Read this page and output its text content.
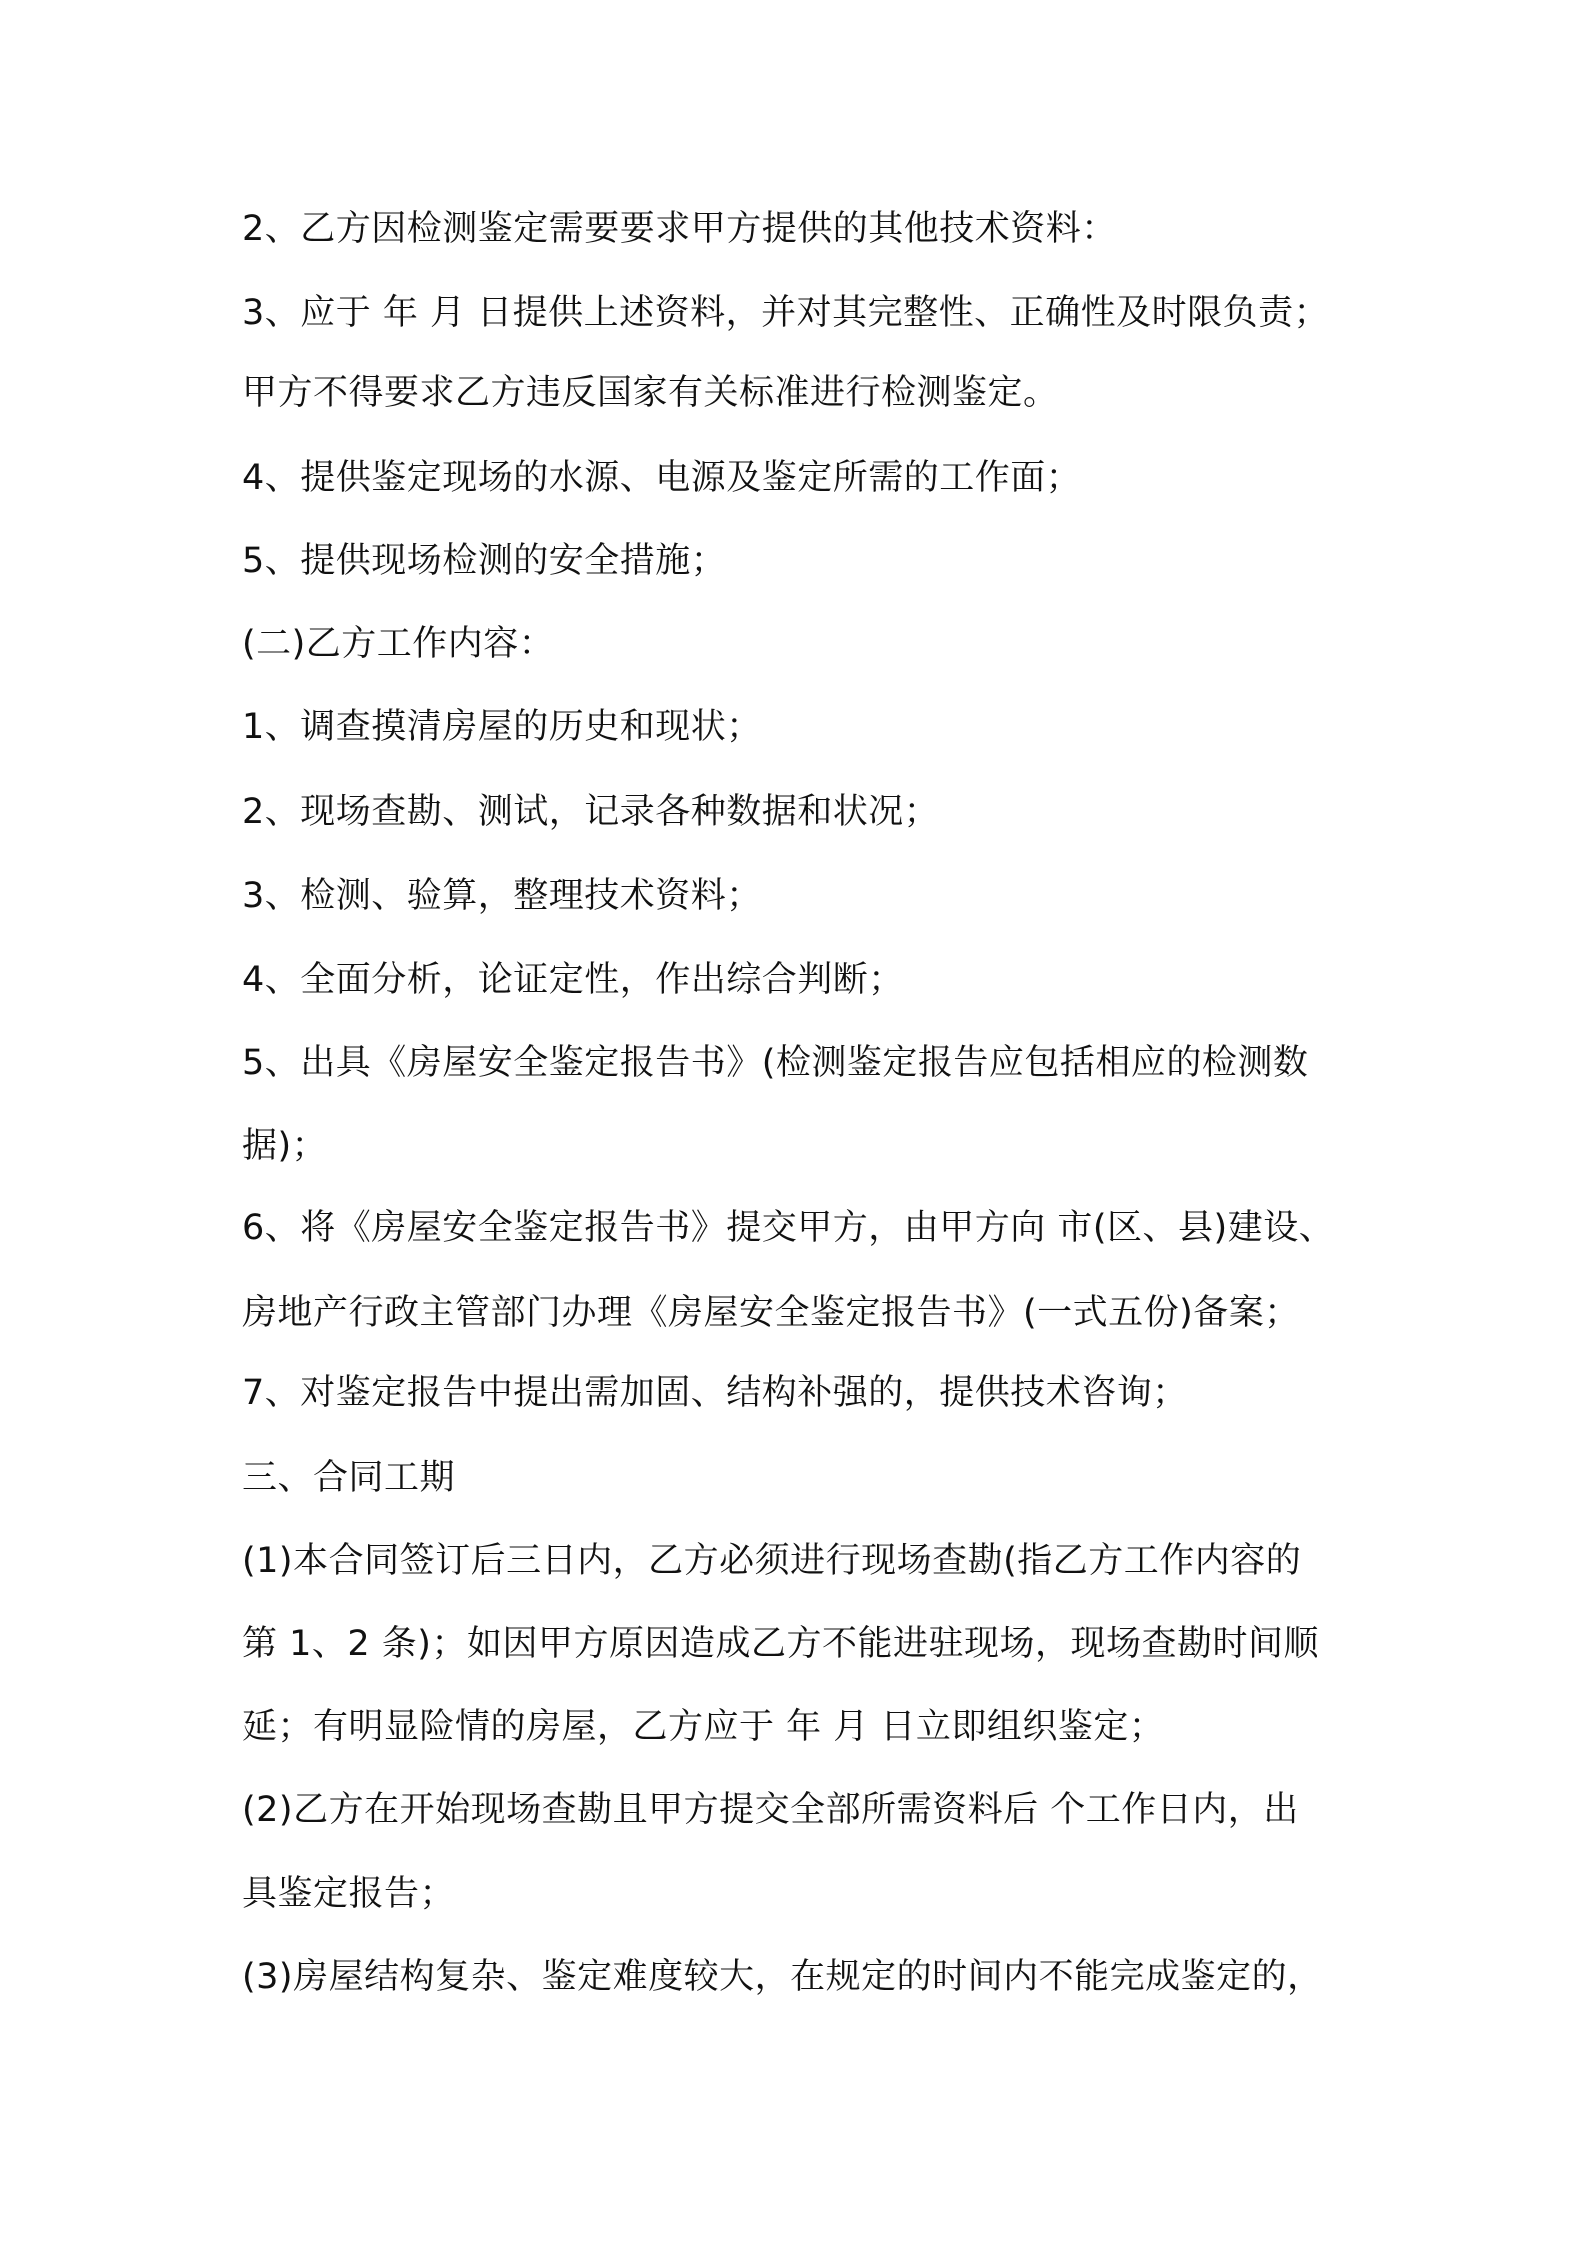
2、乙方因检测鉴定需要要求甲方提供的其他技术资料：
3、应于 年 月 日提供上述资料，并对其完整性、正确性及时限负责；
甲方不得要求乙方违反国家有关标准进行检测鉴定。
4、提供鉴定现场的水源、电源及鉴定所需的工作面；
5、提供现场检测的安全措施；
(二)乙方工作内容：
1、调查摸清房屋的历史和现状；
2、现场查勘、测试，记录各种数据和状况；
3、检测、验算，整理技术资料；
4、全面分析，论证定性，作出综合判断；
5、出具《房屋安全鉴定报告书》(检测鉴定报告应包括相应的检测数
据)；
6、将《房屋安全鉴定报告书》提交甲方，由甲方向 市(区、县)建设、
房地产行政主管部门办理《房屋安全鉴定报告书》(一式五份)备案；
7、对鉴定报告中提出需加固、结构补强的，提供技术咨询；
三、合同工期
(1)本合同签订后三日内，乙方必须进行现场查勘(指乙方工作内容的
第 1、2 条)；如因甲方原因造成乙方不能进驻现场，现场查勘时间顺
延；有明显险情的房屋，乙方应于 年 月 日立即组织鉴定；
(2)乙方在开始现场查勘且甲方提交全部所需资料后 个工作日内，出
具鉴定报告；
(3)房屋结构复杂、鉴定难度较大，在规定的时间内不能完成鉴定的，
